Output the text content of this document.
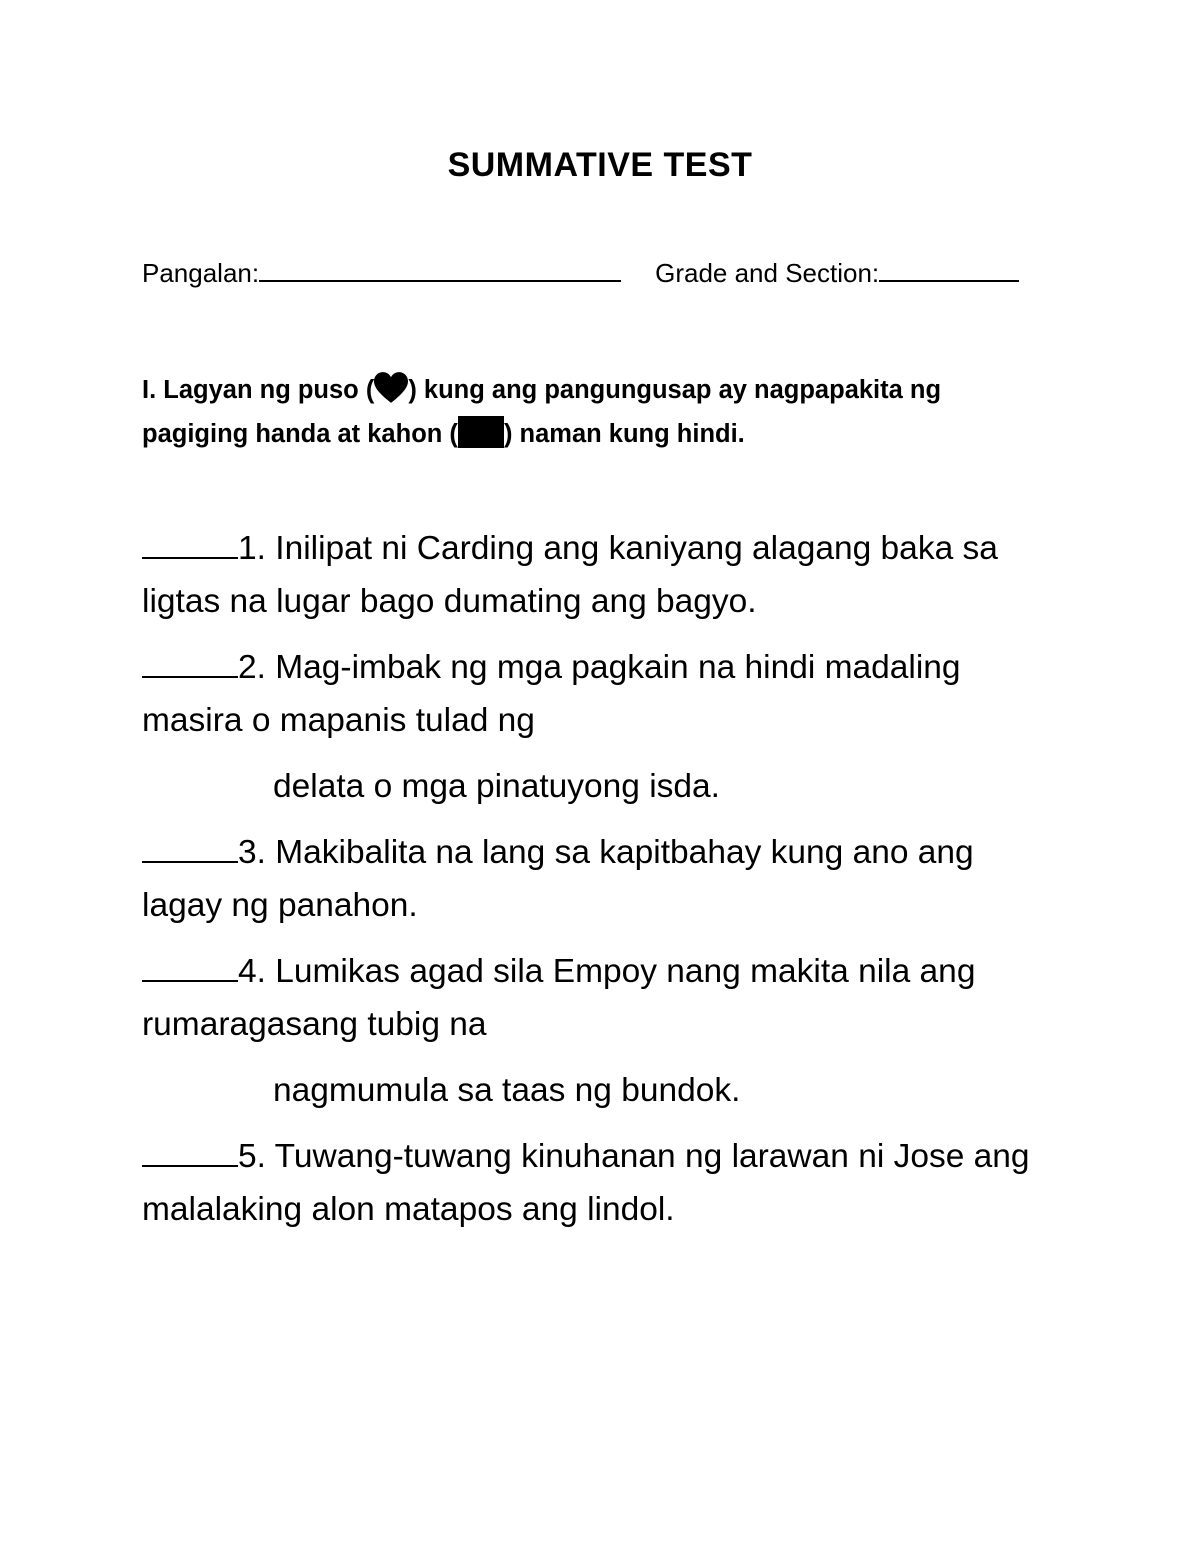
SUMMATIVE TEST
Pangalan:	Grade and Section:
I. Lagyan ng puso ( ) kung ang pangungusap ay nagpapakita ng pagiging handa at kahon ( ) naman kung hindi.
1. Inilipat ni Carding ang kaniyang alagang baka sa ligtas na lugar bago dumating ang bagyo.
2. Mag-imbak ng mga pagkain na hindi madaling masira o mapanis tulad ng
delata o mga pinatuyong isda.
3. Makibalita na lang sa kapitbahay kung ano ang lagay ng panahon.
4. Lumikas agad sila Empoy nang makita nila ang rumaragasang tubig na
nagmumula sa taas ng bundok.
5. Tuwang-tuwang kinuhanan ng larawan ni Jose ang malalaking alon matapos ang lindol.
